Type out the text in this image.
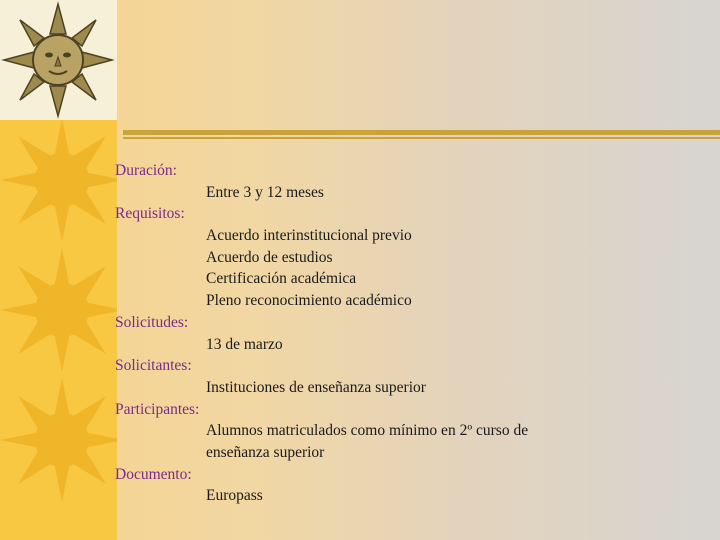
Duración:
Entre 3 y 12 meses
Requisitos:
Acuerdo interinstitucional previo
Acuerdo de estudios
Certificación académica
Pleno reconocimiento académico
Solicitudes:
13 de marzo
Solicitantes:
Instituciones de enseñanza superior
Participantes:
Alumnos matriculados como mínimo en 2º curso de
enseñanza superior
Documento:
Europass
